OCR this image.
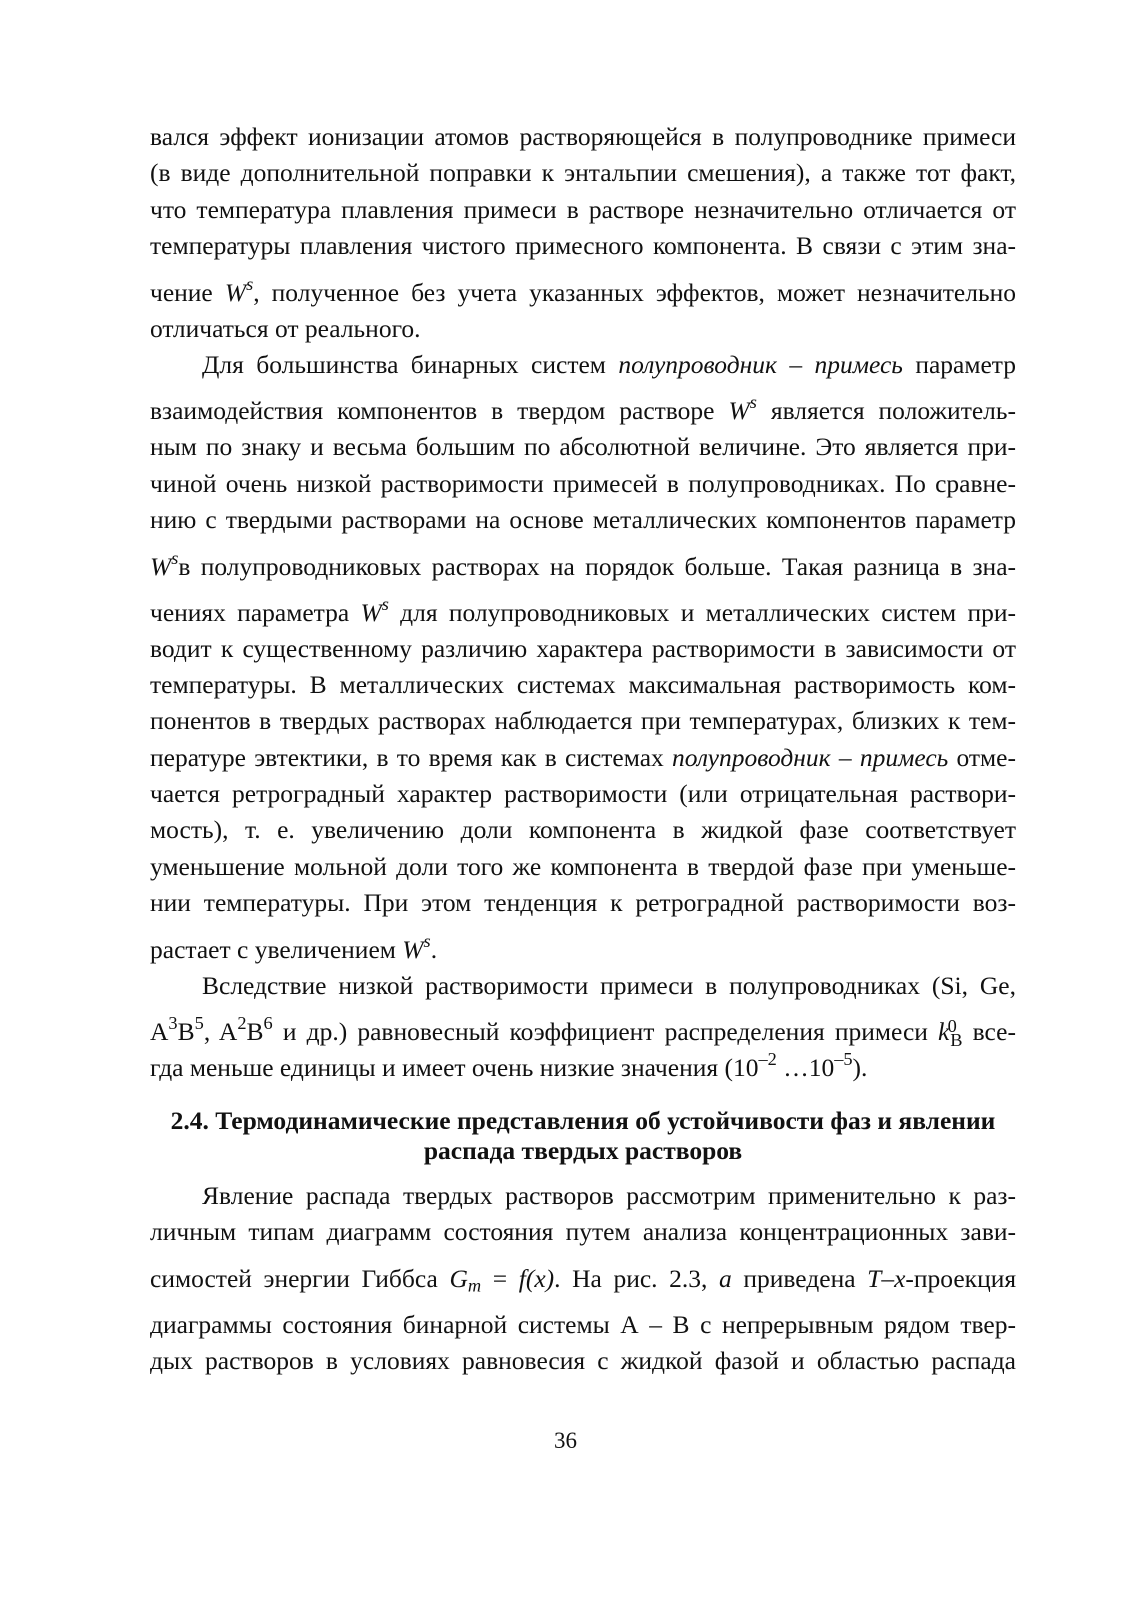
вался эффект ионизации атомов растворяющейся в полупроводнике примеси
(в виде дополнительной поправки к энтальпии смешения), а также тот факт,
что температура плавления примеси в растворе незначительно отличается от
температуры плавления чистого примесного компонента. В связи с этим зна-
чение $W^s$, полученное без учета указанных эффектов, может незначительно
отличаться от реального.
Для большинства бинарных систем полупроводник – примесь параметр
взаимодействия компонентов в твердом растворе $W^s$ является положитель-
ным по знаку и весьма большим по абсолютной величине. Это является при-
чиной очень низкой растворимости примесей в полупроводниках. По сравне-
нию с твердыми растворами на основе металлических компонентов параметр
$W^sв$ полупроводниковых растворах на порядок больше. Такая разница в зна-
чениях параметра $W^s$ для полупроводниковых и металлических систем при-
водит к существенному различию характера растворимости в зависимости от
температуры. В металлических системах максимальная растворимость ком-
понентов в твердых растворах наблюдается при температурах, близких к тем-
пературе эвтектики, в то время как в системах полупроводник – примесь отме-
чается ретроградный характер растворимости (или отрицательная раствори-
мость), т. е. увеличению доли компонента в жидкой фазе соответствует
уменьшение мольной доли того же компонента в твердой фазе при уменьше-
нии температуры. При этом тенденция к ретроградной растворимости воз-
растает с увеличением $W^s$.
Вследствие низкой растворимости примеси в полупроводниках (Si, Ge,
$A^3B^5$, $A^2B^6$ и др.) равновесный коэффициент распределения примеси k
0
$_B$ все-
гда меньше единицы и имеет очень низкие значения ($10^{-2}$ $\dots 10^{-5}$).
2.4. Термодинамические представления об устойчивости фаз и явлении
распада твердых растворов
Явление распада твердых растворов рассмотрим применительно к раз-
личным типам диаграмм состояния путем анализа концентрационных зави-
симостей энергии Гиббса $G_m = f(x)$. На рис. 2.3, а приведена T–x-проекция
диаграммы состояния бинарной системы А – В с непрерывным рядом твер-
дых растворов в условиях равновесия с жидкой фазой и областью распада
36
